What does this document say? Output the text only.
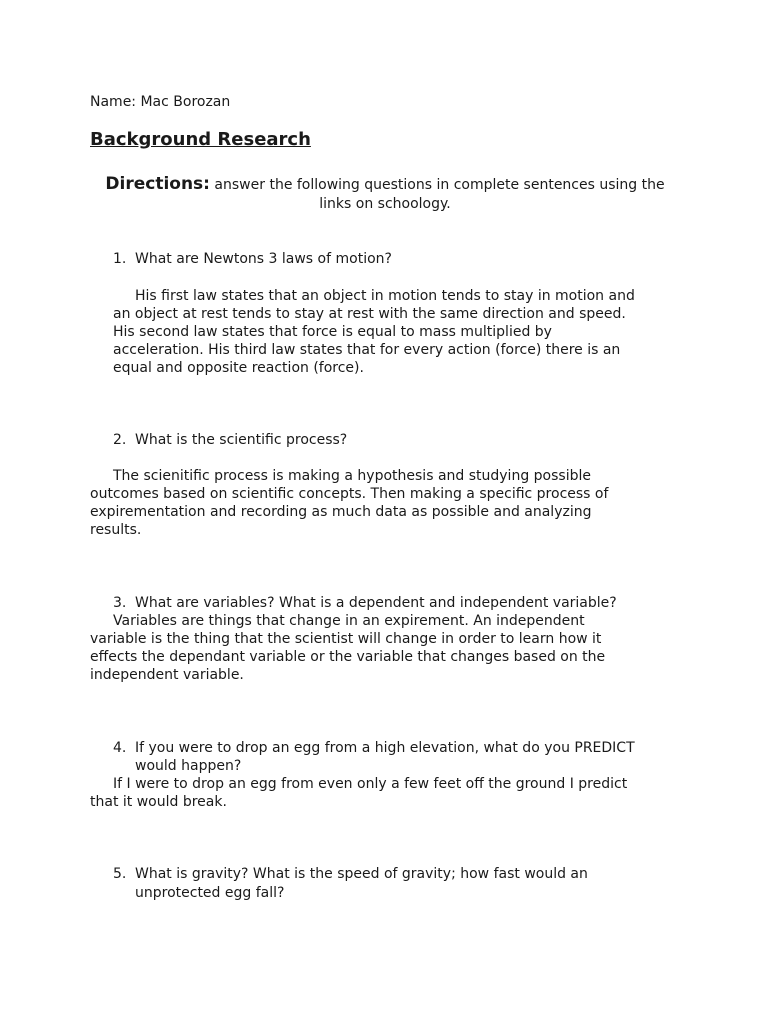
Name: Mac Borozan
Background Research
Directions: answer the following questions in complete sentences using the links on schoology.
1. What are Newtons 3 laws of motion?
His first law states that an object in motion tends to stay in motion and
an object at rest tends to stay at rest with the same direction and speed.
His second law states that force is equal to mass multiplied by
acceleration. His third law states that for every action (force) there is an
equal and opposite reaction (force).
2. What is the scientific process?
The scienitific process is making a hypothesis and studying possible
outcomes based on scientific concepts. Then making a specific process of
expirementation and recording as much data as possible and analyzing
results.
3. What are variables? What is a dependent and independent variable?
Variables are things that change in an expirement. An independent
variable is the thing that the scientist will change in order to learn how it
effects the dependant variable or the variable that changes based on the
independent variable.
4. If you were to drop an egg from a high elevation, what do you PREDICT
would happen?
If I were to drop an egg from even only a few feet off the ground I predict
that it would break.
5. What is gravity? What is the speed of gravity; how fast would an
unprotected egg fall?
